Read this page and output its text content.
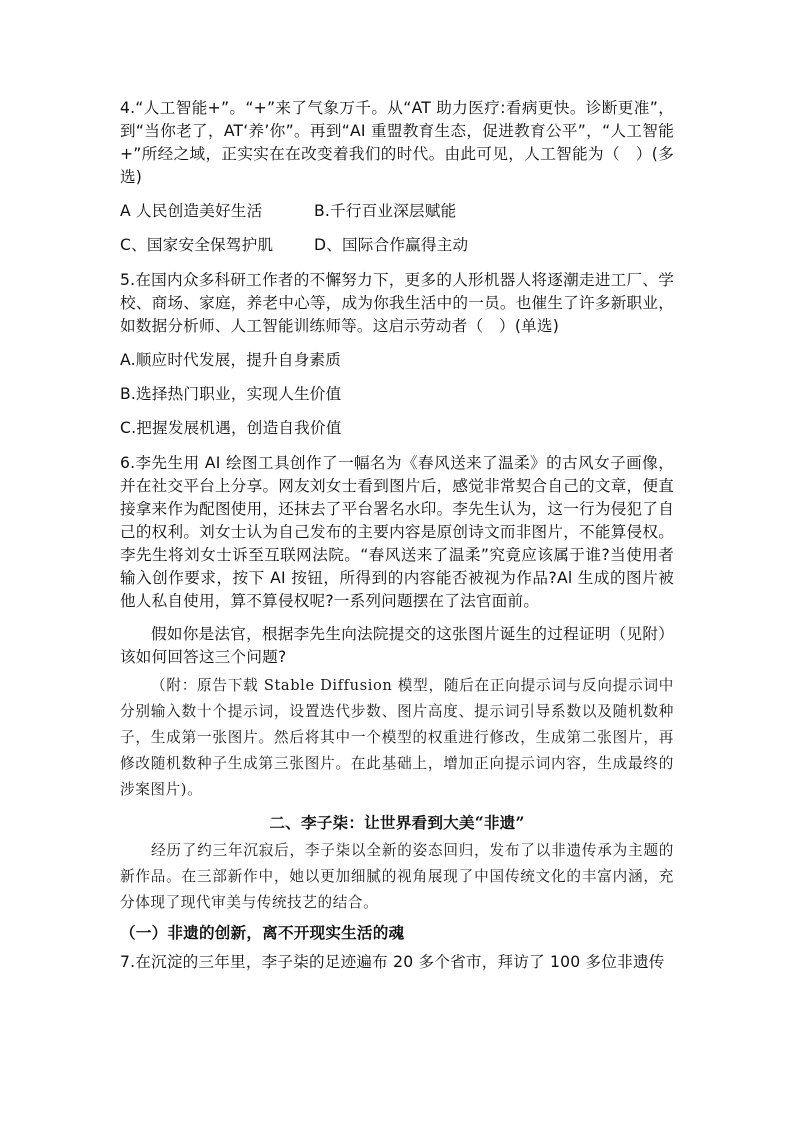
4.“人工智能+”。“+”来了气象万千。从“AT 助力医疗:看病更快。诊断更准”，到“当你老了，AT‘养’你”。再到“AI 重盟教育生态，促进教育公平”，“人工智能+”所经之域，正实实在在改变着我们的时代。由此可见，人工智能为（　）(多选)

A 人民创造美好生活	B.千行百业深层赋能
C、国家安全保驾护肌	D、国际合作赢得主动

5.在国内众多科研工作者的不懈努力下，更多的人形机器人将逐潮走进工厂、学校、商场、家庭，养老中心等，成为你我生活中的一员。也催生了许多新职业，如数据分析师、人工智能训练师等。这启示劳动者（　）(单选)

A.顺应时代发展，提升自身素质

B.选择热门职业，实现人生价值

C.把握发展机遇，创造自我价值

6.李先生用 AI 绘图工具创作了一幅名为《春风送来了温柔》的古风女子画像，并在社交平台上分享。网友刘女士看到图片后，感觉非常契合自己的文章，便直接拿来作为配图使用，还抹去了平台署名水印。李先生认为，这一行为侵犯了自己的权利。刘女士认为自己发布的主要内容是原创诗文而非图片，不能算侵权。李先生将刘女士诉至互联网法院。“春风送来了温柔”究竟应该属于谁?当使用者输入创作要求，按下 AI 按钮，所得到的内容能否被视为作品?Al 生成的图片被他人私自使用，算不算侵权呢?一系列问题摆在了法官面前。

假如你是法官，根据李先生向法院提交的这张图片诞生的过程证明（见附）该如何回答这三个问题?

（附：原告下载 Stable Diffusion 模型，随后在正向提示词与反向提示词中分别输入数十个提示词，设置迭代步数、图片高度、提示词引导系数以及随机数种子，生成第一张图片。然后将其中一个模型的权重进行修改，生成第二张图片，再修改随机数种子生成第三张图片。在此基础上，增加正向提示词内容，生成最终的涉案图片)。

二、李子柒：让世界看到大美“非遗”

经历了约三年沉寂后，李子柒以全新的姿态回归，发布了以非遗传承为主题的新作品。在三部新作中，她以更加细腻的视角展现了中国传统文化的丰富内涵，充分体现了现代审美与传统技艺的结合。

（一）非遗的创新，离不开现实生活的魂

7.在沉淀的三年里，李子柒的足迹遍布 20 多个省市，拜访了 100 多位非遗传
